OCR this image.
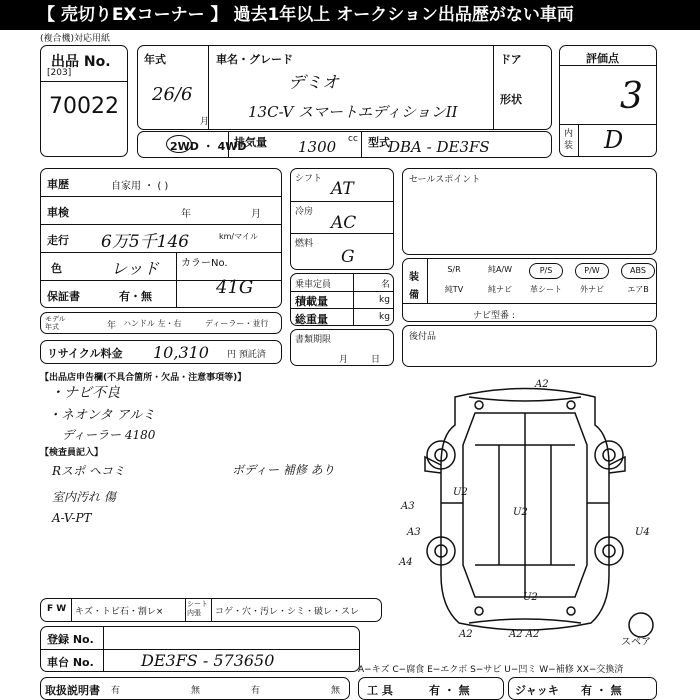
【 売切りEXコーナー 】 過去1年以上 オークション出品歴がない車両
(複合機)対応用紙
出品 No.
[203]
70022
年式
26/6
月
車名・グレード
デミオ
13C-V スマートエディションII
ドア
形状
評価点
3
内装 D
2WD ・ 4WD
排気量 1300 cc 型式
DBA - DE3FS
車歴	自家用 ・ ( )
車検	年	月
走行 6万5千146	km/マイル
色	レッド カラーNo.
41G
保証書	有・無
モデル年式	年 ハンドル 左・右	ディーラー・並行
リサイクル料金 10,310 円 預託済
シフト AT
冷房
AC
燃料
G
乗車定員	名
積載量	kg
総重量	kg
書類期限
月	日
セールスポイント
装備
S/R	純A/W	P/S	P/W	ABS
純TV	純ナビ	革シート	外ナビ	エアB
ナビ型番 :
後付品
【出品店申告欄(不具合箇所・欠品・注意事項等)】
・ナビ不良
・ネオンタ アルミ
ディーラー 4180
【検査員記入】
Rスポ ヘコミ
室内汚れ 傷
A-V-PT
ボディー 補修 あり
A2
U2
U2
A3
A3
A4
U4
U2
A2	A2 A2
スペア
F W キズ・トビ石・割レ×
シート内張	コゲ・穴・汚レ・シミ・破レ・スレ
登録 No.
車台 No.	DE3FS - 573650	A−キズ C−腐食 E−エクボ S−サビ U−凹ミ W−補修 XX−交換済
取扱説明書 有	無	有	無 工 具	有 ・ 無	ジャッキ 有 ・ 無
